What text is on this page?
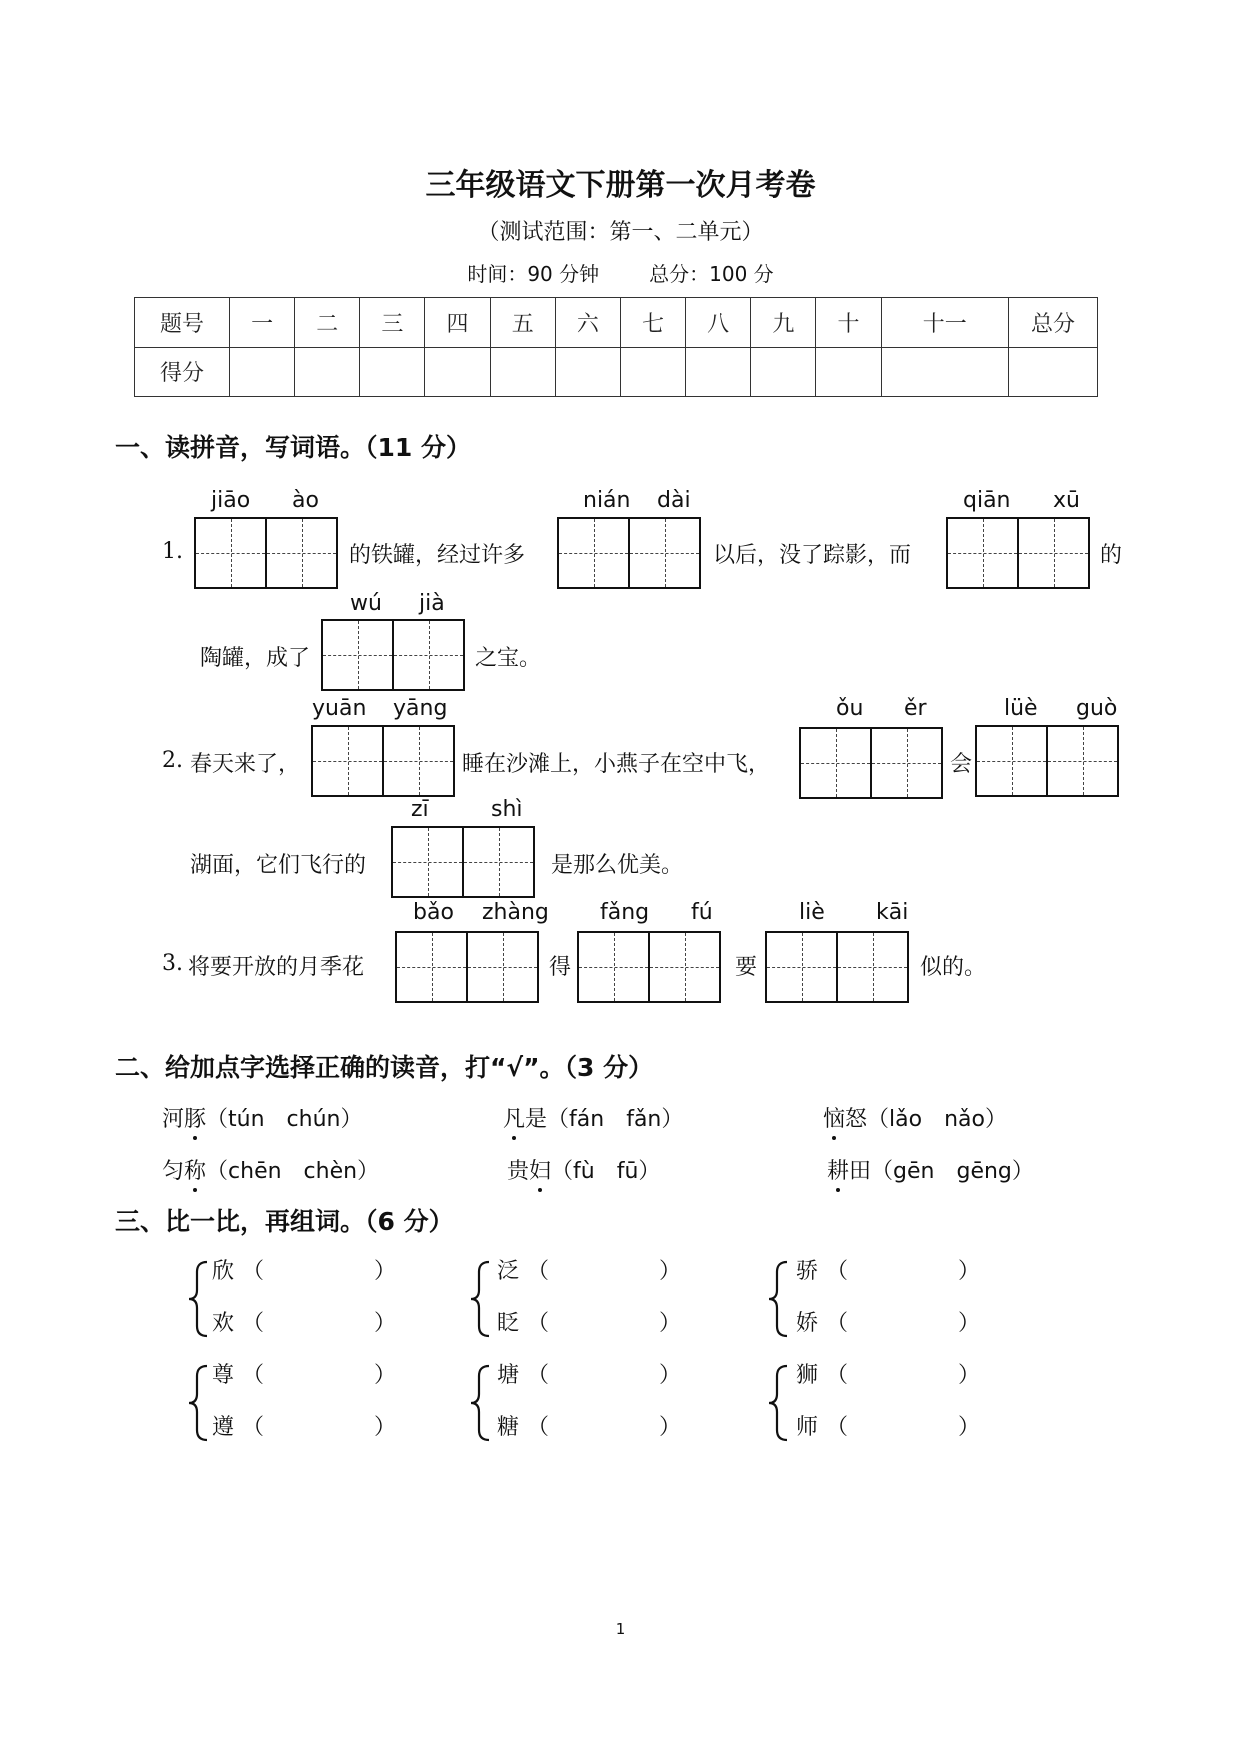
三年级语文下册第一次月考卷
（测试范围：第一、二单元）
时间：90 分钟	总分：100 分
题号	一	二	三	四	五	六	七	八	九	十	十一	总分
得分												
一、读拼音，写词语。（11 分）
1.
jiāo ào
的铁罐，经过许多
nián dài
以后，没了踪影，而
qiān xū
的
陶罐，成了
wú jià
之宝。
2. 春天来了，
yuān yāng
睡在沙滩上，小燕子在空中飞，
ǒu ěr
会
lüè guò
湖面，它们飞行的
zī	shì
是那么优美。
3. 将要开放的月季花
bǎo zhàng
得
fǎng fú
要
liè kāi
似的。
二、给加点字选择正确的读音，打“√”。（3 分）
河豚（tún　chún）	凡是（fán　fǎn）	恼怒（lǎo　nǎo）
匀称（chēn　chèn）	贵妇（fù　fū）	耕田（gēn　gēng）
三、比一比，再组词。（6 分）
欣 （	）
欢 （	）
泛 （	）
眨 （	）
骄 （	）
娇 （	）
尊 （	）
遵 （	）
塘 （	）
糖 （	）
狮 （	）
师 （	）
1
